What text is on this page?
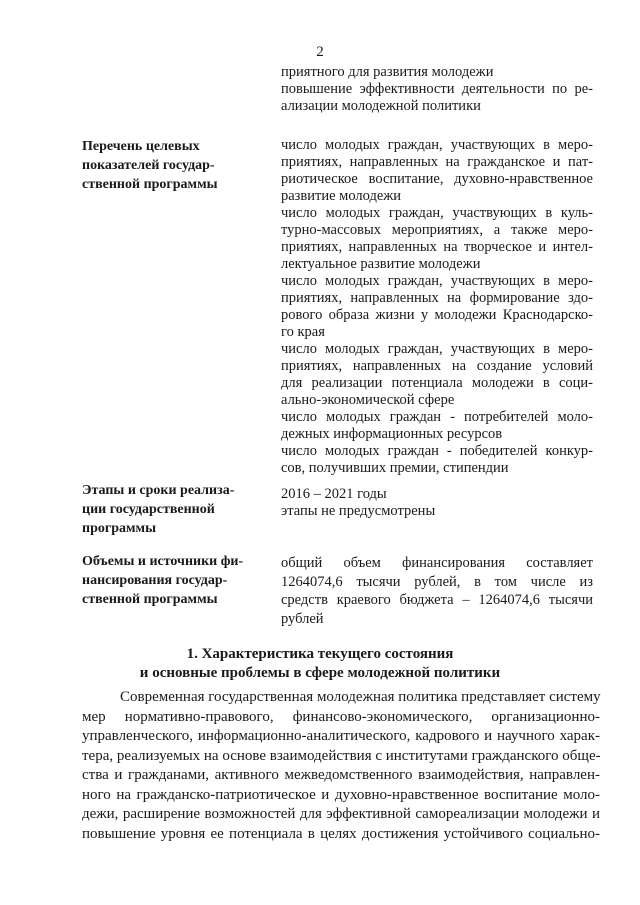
2
приятного для развития молодежи
повышение эффективности деятельности по ре-
ализации молодежной политики
Перечень целевых
показателей государ-
ственной программы
число молодых граждан, участвующих в меро-
приятиях, направленных на гражданское и пат-
риотическое воспитание, духовно-нравственное
развитие молодежи
число молодых граждан, участвующих в куль-
турно-массовых мероприятиях, а также меро-
приятиях, направленных на творческое и интел-
лектуальное развитие молодежи
число молодых граждан, участвующих в меро-
приятиях, направленных на формирование здо-
рового образа жизни у молодежи Краснодарско-
го края
число молодых граждан, участвующих в меро-
приятиях, направленных на создание условий
для реализации потенциала молодежи в соци-
ально-экономической сфере
число молодых граждан - потребителей моло-
дежных информационных ресурсов
число молодых граждан - победителей конкур-
сов, получивших премии, стипендии
Этапы и сроки реализа-
ции государственной
программы
2016 – 2021 годы
этапы не предусмотрены
Объемы и источники фи-
нансирования государ-
ственной программы
общий объем финансирования составляет
1264074,6 тысячи рублей, в том числе из
средств краевого бюджета – 1264074,6 тысячи
рублей
1. Характеристика текущего состояния
и основные проблемы в сфере молодежной политики
Современная государственная молодежная политика представляет систему
мер нормативно-правового, финансово-экономического, организационно-
управленческого, информационно-аналитического, кадрового и научного харак-
тера, реализуемых на основе взаимодействия с институтами гражданского обще-
ства и гражданами, активного межведомственного взаимодействия, направлен-
ного на гражданско-патриотическое и духовно-нравственное воспитание моло-
дежи, расширение возможностей для эффективной самореализации молодежи и
повышение уровня ее потенциала в целях достижения устойчивого социально-
